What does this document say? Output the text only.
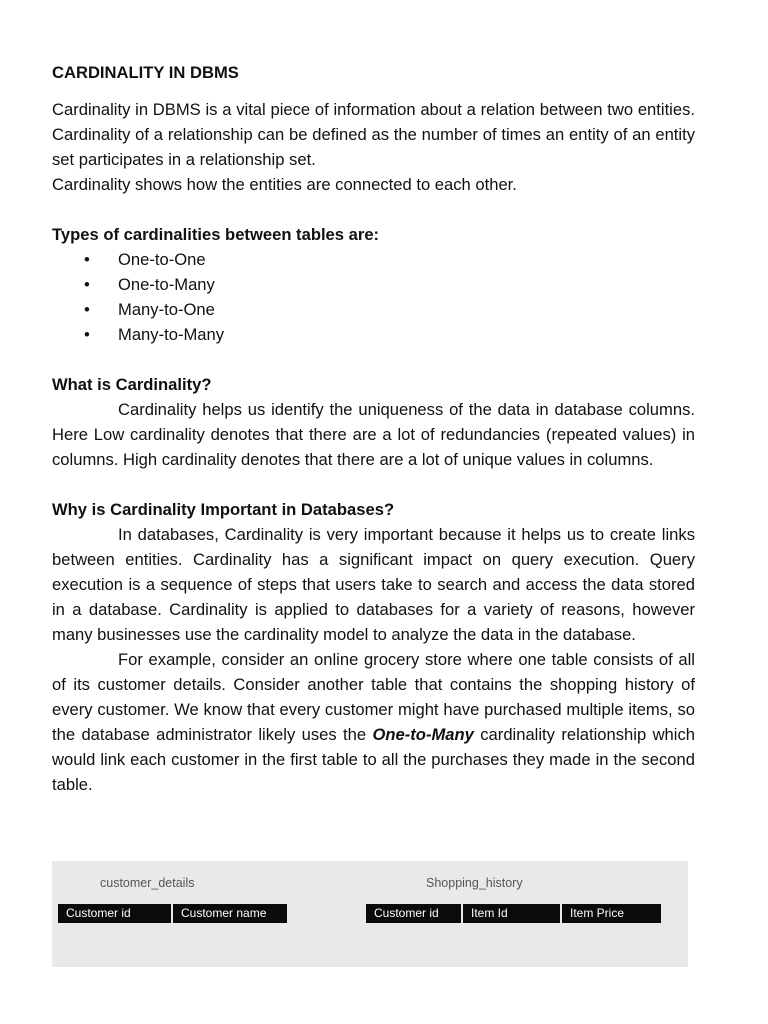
CARDINALITY IN DBMS

Cardinality in DBMS is a vital piece of information about a relation between two entities. Cardinality of a relationship can be defined as the number of times an entity of an entity set participates in a relationship set.

Cardinality shows how the entities are connected to each other.

Types of cardinalities between tables are:

• One-to-One
• One-to-Many
• Many-to-One
• Many-to-Many

What is Cardinality?

Cardinality helps us identify the uniqueness of the data in database columns. Here Low cardinality denotes that there are a lot of redundancies (repeated values) in columns. High cardinality denotes that there are a lot of unique values in columns.

Why is Cardinality Important in Databases?

In databases, Cardinality is very important because it helps us to create links between entities. Cardinality has a significant impact on query execution. Query execution is a sequence of steps that users take to search and access the data stored in a database. Cardinality is applied to databases for a variety of reasons, however many businesses use the cardinality model to analyze the data in the database.

For example, consider an online grocery store where one table consists of all of its customer details. Consider another table that contains the shopping history of every customer. We know that every customer might have purchased multiple items, so the database administrator likely uses the One-to-Many cardinality relationship which would link each customer in the first table to all the purchases they made in the second table.

customer_details
Customer id	Customer name
Shopping_history
Customer id	Item Id	Item Price
